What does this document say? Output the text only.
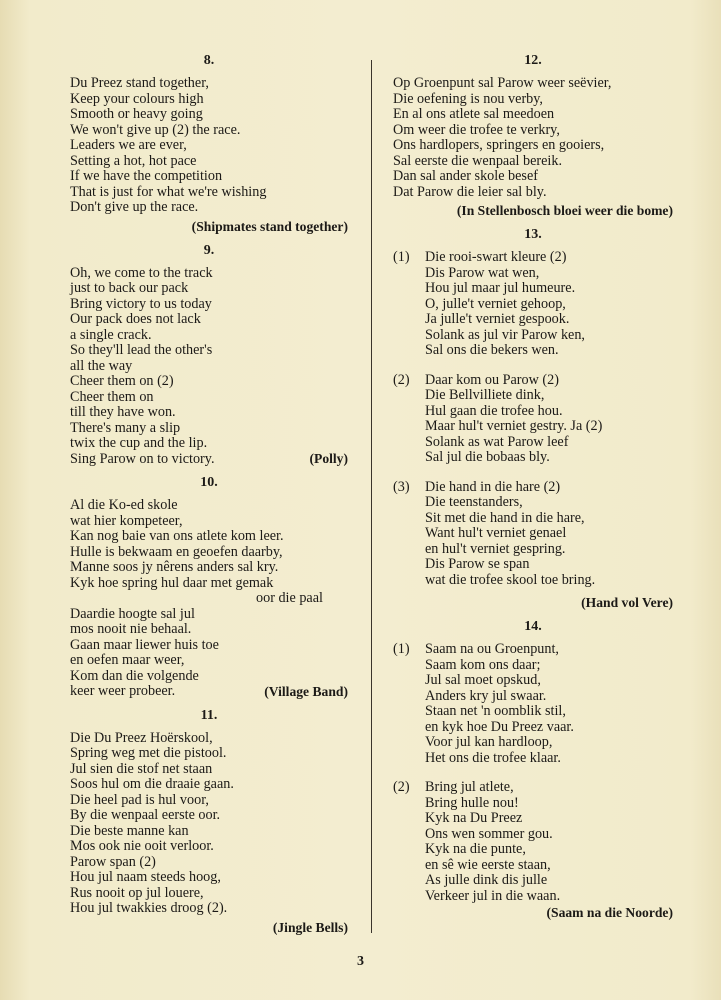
8.
Du Preez stand together,
Keep your colours high
Smooth or heavy going
We won't give up (2) the race.
Leaders we are ever,
Setting a hot, hot pace
If we have the competition
That is just for what we're wishing
Don't give up the race.
(Shipmates stand together)
9.
Oh, we come to the track
just to back our pack
Bring victory to us today
Our pack does not lack
a single crack.
So they'll lead the other's
all the way
Cheer them on (2)
Cheer them on
till they have won.
There's many a slip
twix the cup and the lip.
Sing Parow on to victory.	(Polly)
10.
Al die Ko-ed skole
wat hier kompeteer,
Kan nog baie van ons atlete kom leer.
Hulle is bekwaam en geoefen daarby,
Manne soos jy nêrens anders sal kry.
Kyk hoe spring hul daar met gemak
oor die paal
Daardie hoogte sal jul
mos nooit nie behaal.
Gaan maar liewer huis toe
en oefen maar weer,
Kom dan die volgende
keer weer probeer.	(Village Band)
11.
Die Du Preez Hoërskool,
Spring weg met die pistool.
Jul sien die stof net staan
Soos hul om die draaie gaan.
Die heel pad is hul voor,
By die wenpaal eerste oor.
Die beste manne kan
Mos ook nie ooit verloor.
Parow span (2)
Hou jul naam steeds hoog,
Rus nooit op jul louere,
Hou jul twakkies droog (2).
(Jingle Bells)
12.
Op Groenpunt sal Parow weer seëvier,
Die oefening is nou verby,
En al ons atlete sal meedoen
Om weer die trofee te verkry,
Ons hardlopers, springers en gooiers,
Sal eerste die wenpaal bereik.
Dan sal ander skole besef
Dat Parow die leier sal bly.
(In Stellenbosch bloei weer die bome)
13.
(1)	Die rooi-swart kleure (2)
Dis Parow wat wen,
Hou jul maar jul humeure.
O, julle't verniet gehoop,
Ja julle't verniet gespook.
Solank as jul vir Parow ken,
Sal ons die bekers wen.
(2)	Daar kom ou Parow (2)
Die Bellvilliete dink,
Hul gaan die trofee hou.
Maar hul't verniet gestry. Ja (2)
Solank as wat Parow leef
Sal jul die bobaas bly.
(3)	Die hand in die hare (2)
Die teenstanders,
Sit met die hand in die hare,
Want hul't verniet genael
en hul't verniet gespring.
Dis Parow se span
wat die trofee skool toe bring.
(Hand vol Vere)
14.
(1)	Saam na ou Groenpunt,
Saam kom ons daar;
Jul sal moet opskud,
Anders kry jul swaar.
Staan net 'n oomblik stil,
en kyk hoe Du Preez vaar.
Voor jul kan hardloop,
Het ons die trofee klaar.
(2)	Bring jul atlete,
Bring hulle nou!
Kyk na Du Preez
Ons wen sommer gou.
Kyk na die punte,
en sê wie eerste staan,
As julle dink dis julle
Verkeer jul in die waan.
(Saam na die Noorde)
3
